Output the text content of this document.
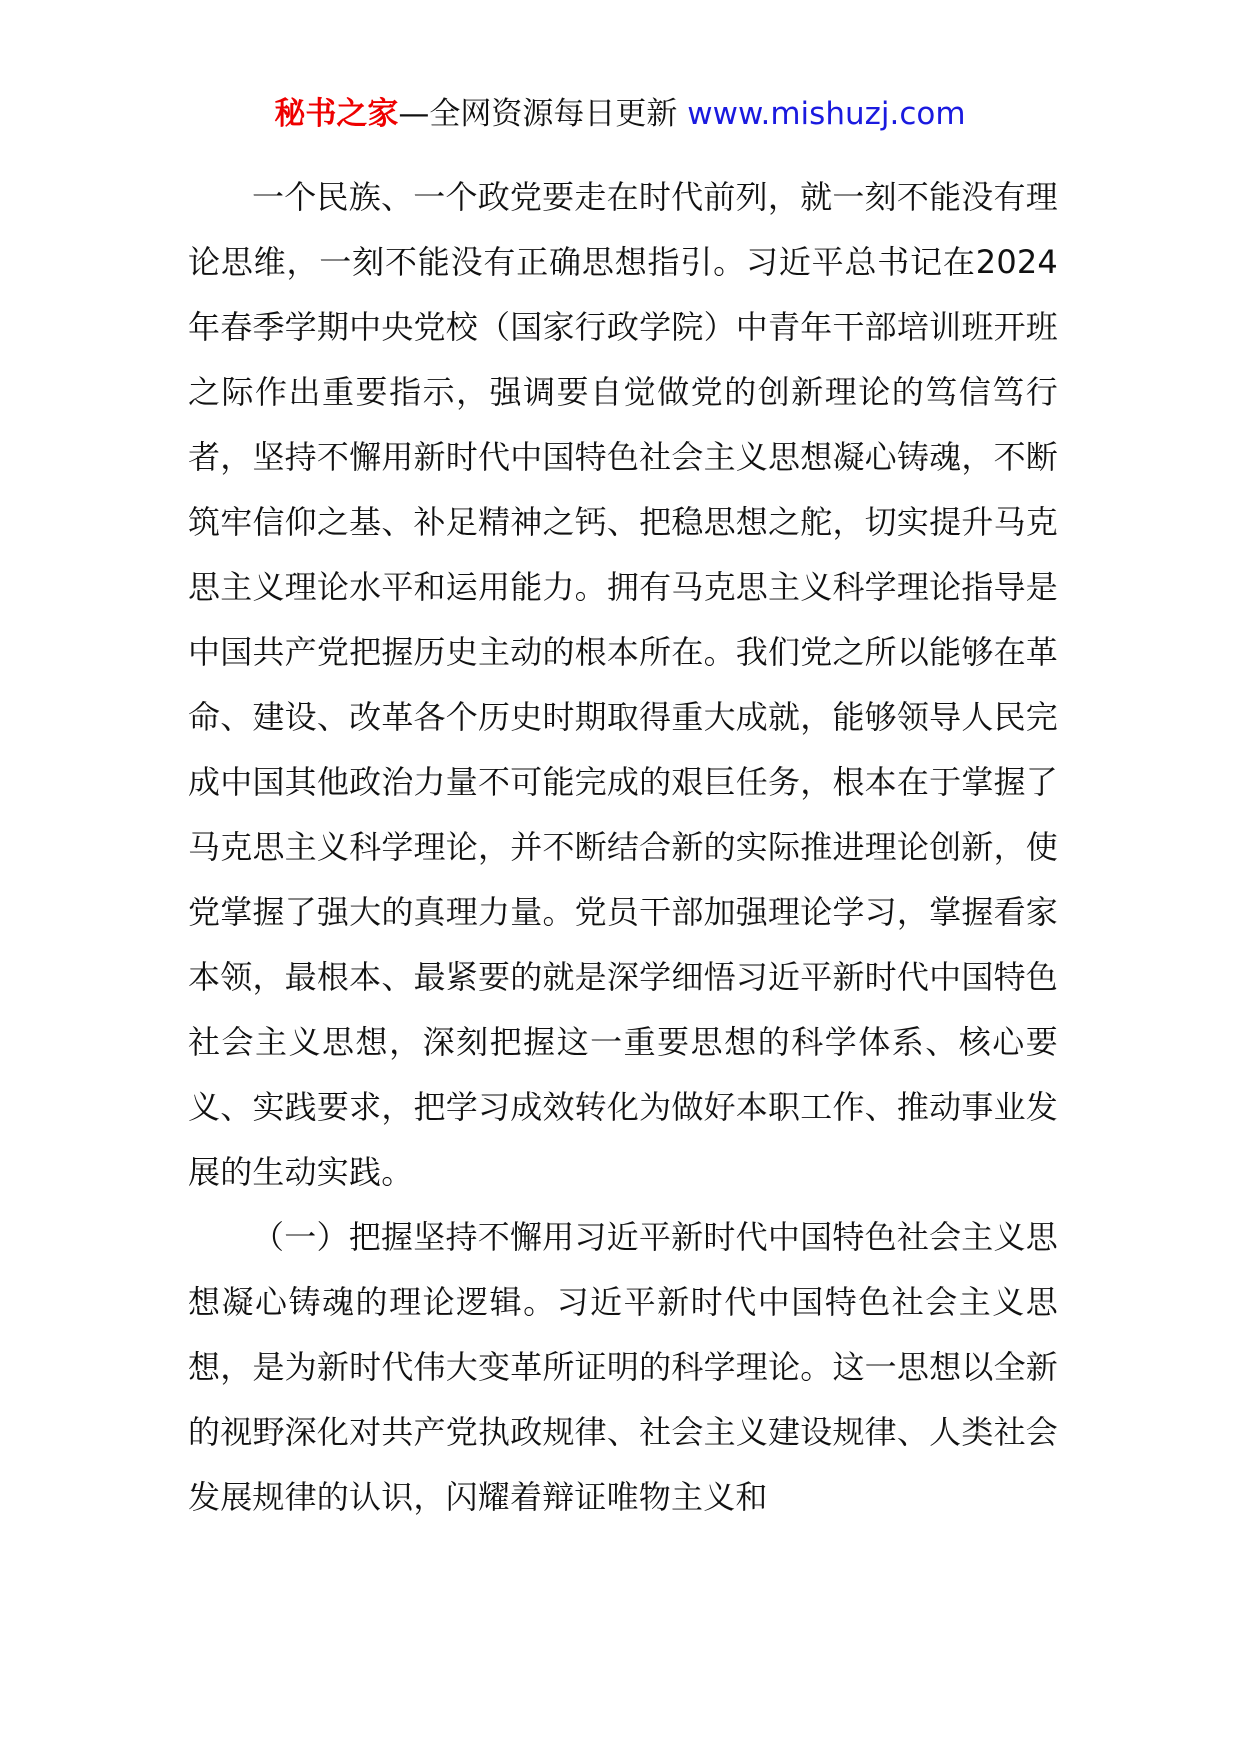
秘书之家—全网资源每日更新 www.mishuzj.com

一个民族、一个政党要走在时代前列，就一刻不能没有理论思维，一刻不能没有正确思想指引。习近平总书记在2024年春季学期中央党校（国家行政学院）中青年干部培训班开班之际作出重要指示，强调要自觉做党的创新理论的笃信笃行者，坚持不懈用新时代中国特色社会主义思想凝心铸魂，不断筑牢信仰之基、补足精神之钙、把稳思想之舵，切实提升马克思主义理论水平和运用能力。拥有马克思主义科学理论指导是中国共产党把握历史主动的根本所在。我们党之所以能够在革命、建设、改革各个历史时期取得重大成就，能够领导人民完成中国其他政治力量不可能完成的艰巨任务，根本在于掌握了马克思主义科学理论，并不断结合新的实际推进理论创新，使党掌握了强大的真理力量。党员干部加强理论学习，掌握看家本领，最根本、最紧要的就是深学细悟习近平新时代中国特色社会主义思想，深刻把握这一重要思想的科学体系、核心要义、实践要求，把学习成效转化为做好本职工作、推动事业发展的生动实践。

（一）把握坚持不懈用习近平新时代中国特色社会主义思想凝心铸魂的理论逻辑。习近平新时代中国特色社会主义思想，是为新时代伟大变革所证明的科学理论。这一思想以全新的视野深化对共产党执政规律、社会主义建设规律、人类社会发展规律的认识，闪耀着辩证唯物主义和
